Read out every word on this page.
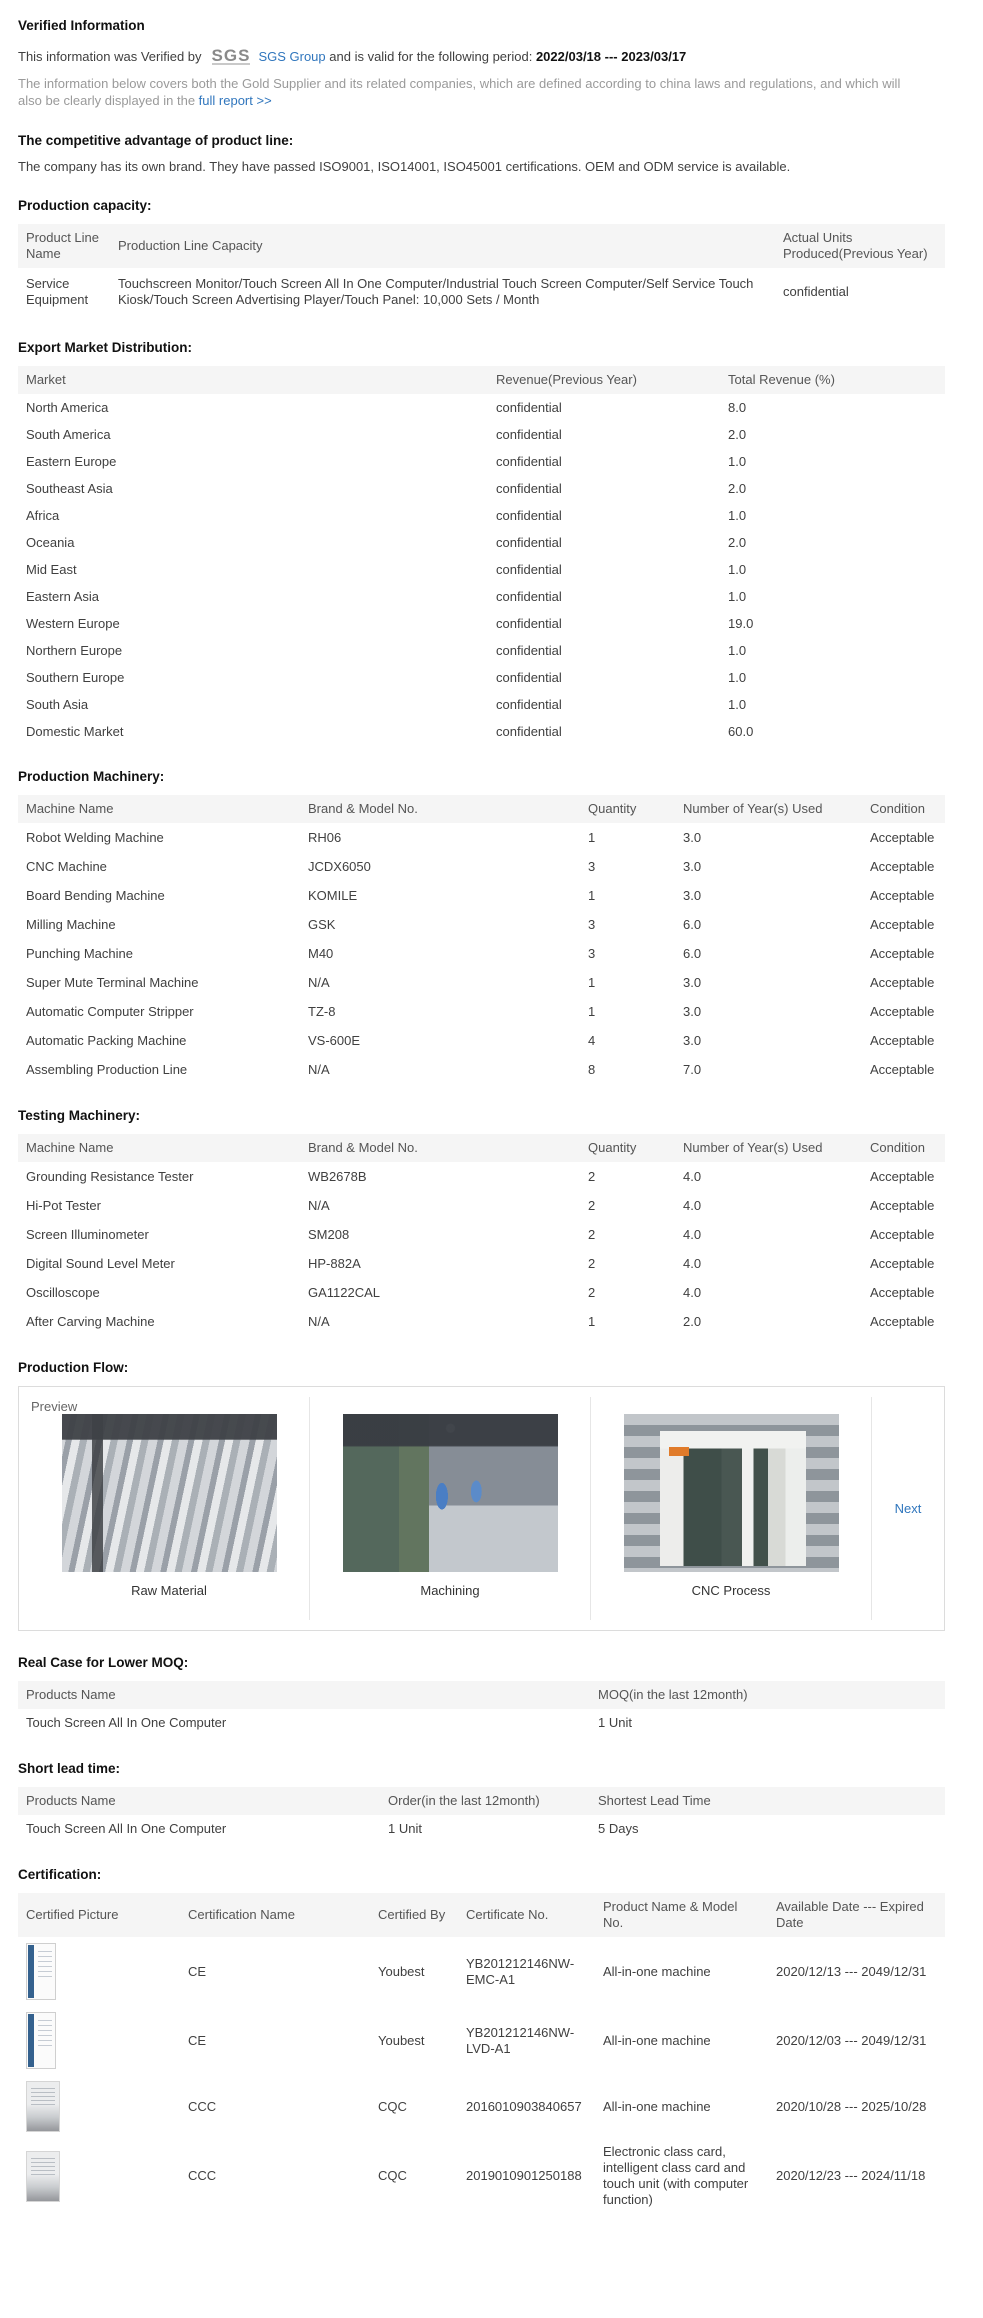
Verified Information

This information was Verified by SGS SGS Group and is valid for the following period: 2022/03/18 --- 2023/03/17

The information below covers both the Gold Supplier and its related companies, which are defined according to china laws and regulations, and which will also be clearly displayed in the full report >>

The competitive advantage of product line:

The company has its own brand. They have passed ISO9001, ISO14001, ISO45001 certifications. OEM and ODM service is available.

Production capacity:
Product Line Name	Production Line Capacity	Actual Units Produced(Previous Year)
Service Equipment	Touchscreen Monitor/Touch Screen All In One Computer/Industrial Touch Screen Computer/Self Service Touch Kiosk/Touch Screen Advertising Player/Touch Panel: 10,000 Sets / Month	confidential
Export Market Distribution:
Market	Revenue(Previous Year)	Total Revenue (%)
North America	confidential	8.0
South America	confidential	2.0
Eastern Europe	confidential	1.0
Southeast Asia	confidential	2.0
Africa	confidential	1.0
Oceania	confidential	2.0
Mid East	confidential	1.0
Eastern Asia	confidential	1.0
Western Europe	confidential	19.0
Northern Europe	confidential	1.0
Southern Europe	confidential	1.0
South Asia	confidential	1.0
Domestic Market	confidential	60.0
Production Machinery:
Machine Name	Brand & Model No.	Quantity	Number of Year(s) Used	Condition
Robot Welding Machine	RH06	1	3.0	Acceptable
CNC Machine	JCDX6050	3	3.0	Acceptable
Board Bending Machine	KOMILE	1	3.0	Acceptable
Milling Machine	GSK	3	6.0	Acceptable
Punching Machine	M40	3	6.0	Acceptable
Super Mute Terminal Machine	N/A	1	3.0	Acceptable
Automatic Computer Stripper	TZ-8	1	3.0	Acceptable
Automatic Packing Machine	VS-600E	4	3.0	Acceptable
Assembling Production Line	N/A	8	7.0	Acceptable
Testing Machinery:
Machine Name	Brand & Model No.	Quantity	Number of Year(s) Used	Condition
Grounding Resistance Tester	WB2678B	2	4.0	Acceptable
Hi-Pot Tester	N/A	2	4.0	Acceptable
Screen Illuminometer	SM208	2	4.0	Acceptable
Digital Sound Level Meter	HP-882A	2	4.0	Acceptable
Oscilloscope	GA1122CAL	2	4.0	Acceptable
After Carving Machine	N/A	1	2.0	Acceptable
Production Flow:
Preview
Raw Material	Machining	CNC Process
Next
Real Case for Lower MOQ:
Products Name	MOQ(in the last 12month)
Touch Screen All In One Computer	1 Unit
Short lead time:
Products Name	Order(in the last 12month)	Shortest Lead Time
Touch Screen All In One Computer	1 Unit	5 Days
Certification:
Certified Picture	Certification Name	Certified By	Certificate No.	Product Name & Model No.	Available Date --- Expired Date
	CE	Youbest	YB201212146NW-EMC-A1	All-in-one machine	2020/12/13 --- 2049/12/31
	CE	Youbest	YB201212146NW-LVD-A1	All-in-one machine	2020/12/03 --- 2049/12/31
	CCC	CQC	2016010903840657	All-in-one machine	2020/10/28 --- 2025/10/28
	CCC	CQC	2019010901250188	Electronic class card, intelligent class card and touch unit (with computer function)	2020/12/23 --- 2024/11/18
